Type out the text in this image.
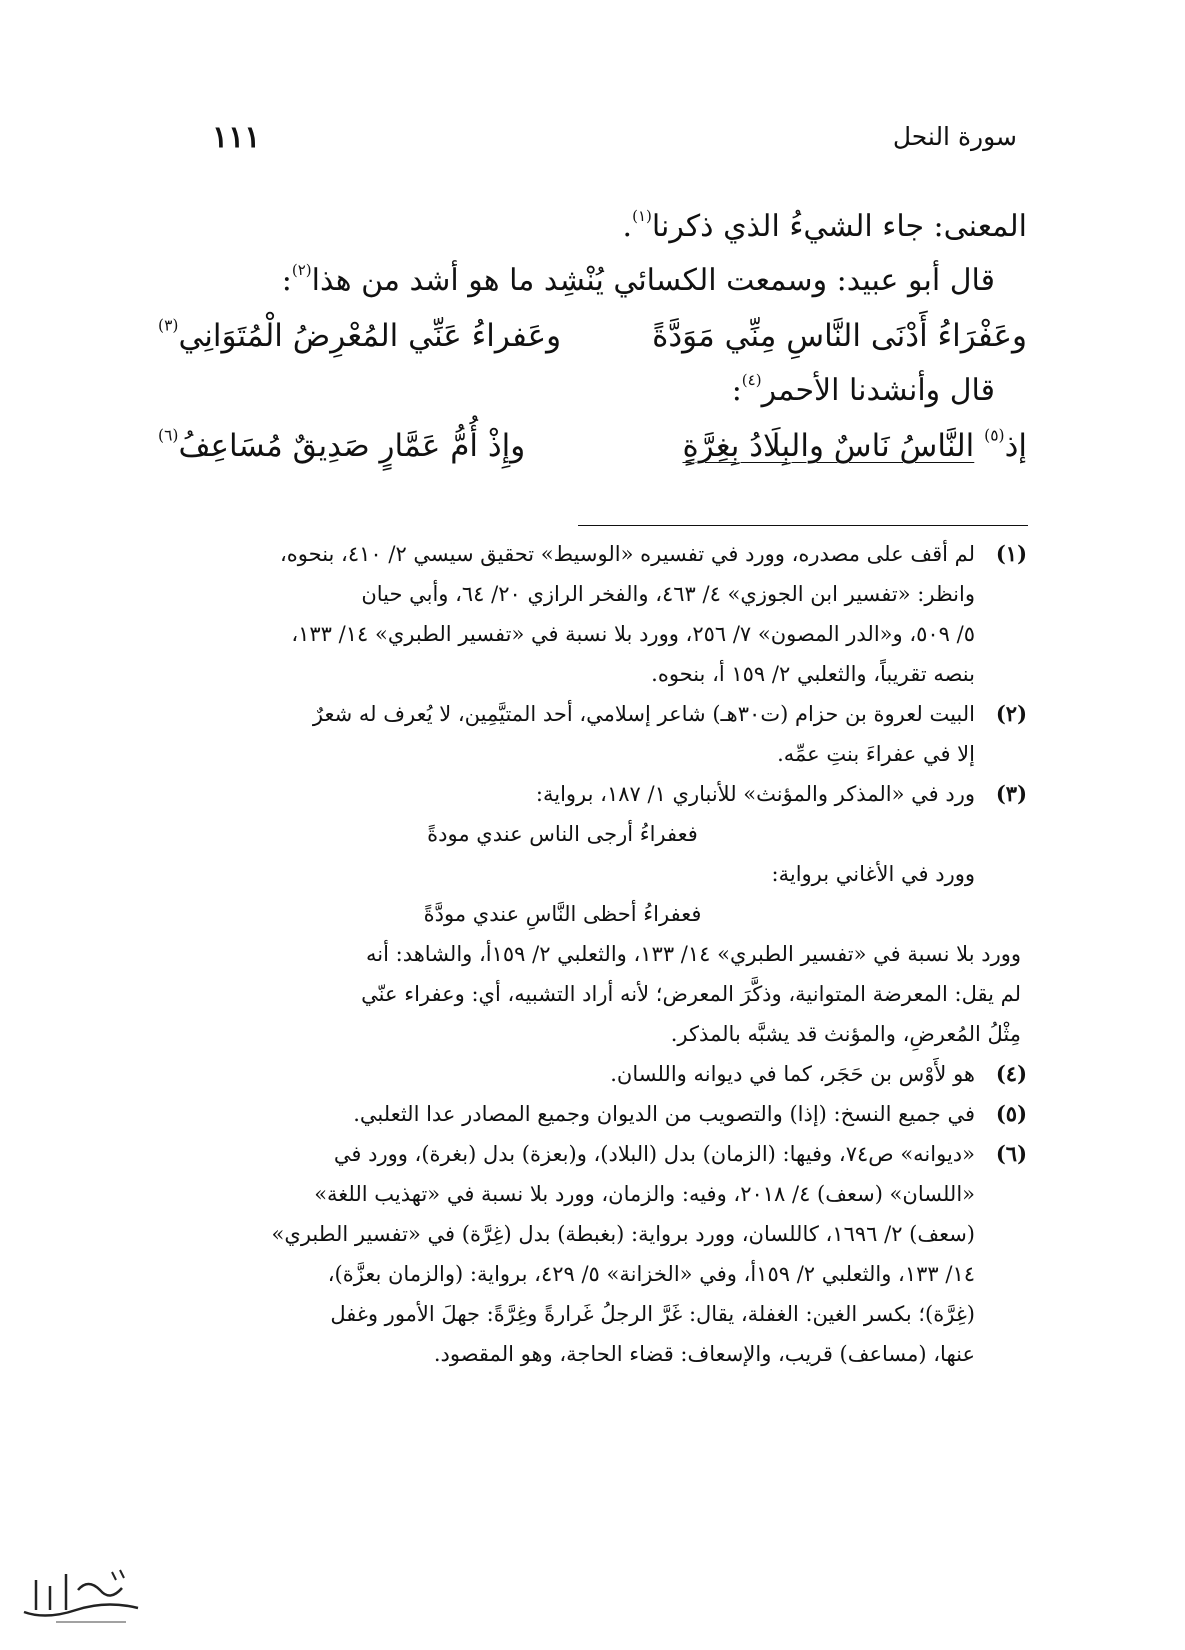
سورة النحل
١١١
المعنى: جاء الشيءُ الذي ذكرنا$^{(١)}$.
قال أبو عبيد: وسمعت الكسائي يُنْشِد ما هو أشد من هذا$^{(٢)}$:
وعَفْرَاءُ أَدْنَى النَّاسِ مِنِّي مَوَدَّةً
وعَفراءُ عَنِّي المُعْرِضُ الْمُتَوَانِي$^{(٣)}$
قال وأنشدنا الأحمر$^{(٤)}$:
إذ$^{(٥)}$ النَّاسُ نَاسٌ والبِلَادُ بِغِرَّةٍ
وإِذْ أُمُّ عَمَّارٍ صَدِيقٌ مُسَاعِفُ$^{(٦)}$
(١)لم أقف على مصدره، وورد في تفسيره «الوسيط» تحقيق سيسي ٢/ ٤١٠، بنحوه،
وانظر: «تفسير ابن الجوزي» ٤/ ٤٦٣، والفخر الرازي ٢٠/ ٦٤، وأبي حيان
٥/ ٥٠٩، و«الدر المصون» ٧/ ٢٥٦، وورد بلا نسبة في «تفسير الطبري» ١٤/ ١٣٣،
بنصه تقريباً، والثعلبي ٢/ ١٥٩ أ، بنحوه.
(٢)البيت لعروة بن حزام (ت٣٠هـ) شاعر إسلامي، أحد المتيَّمِين، لا يُعرف له شعرٌ
إلا في عفراءَ بنتِ عمِّه.
(٣)ورد في «المذكر والمؤنث» للأنباري ١/ ١٨٧، برواية:
فعفراءُ أرجى الناس عندي مودةً
وورد في الأغاني برواية:
فعفراءُ أحظى النَّاسِ عندي مودَّةً
وورد بلا نسبة في «تفسير الطبري» ١٤/ ١٣٣، والثعلبي ٢/ ١٥٩أ، والشاهد: أنه
لم يقل: المعرضة المتوانية، وذكَّرَ المعرض؛ لأنه أراد التشبيه، أي: وعفراء عنّي
مِثْلُ المُعرضِ، والمؤنث قد يشبَّه بالمذكر.
(٤)هو لأَوْس بن حَجَر، كما في ديوانه واللسان.
(٥)في جميع النسخ: (إذا) والتصويب من الديوان وجميع المصادر عدا الثعلبي.
(٦)«ديوانه» ص٧٤، وفيها: (الزمان) بدل (البلاد)، و(بعزة) بدل (بغرة)، وورد في
«اللسان» (سعف) ٤/ ٢٠١٨، وفيه: والزمان، وورد بلا نسبة في «تهذيب اللغة»
(سعف) ٢/ ١٦٩٦، كاللسان، وورد برواية: (بغبطة) بدل (غِرَّة) في «تفسير الطبري»
١٤/ ١٣٣، والثعلبي ٢/ ١٥٩أ، وفي «الخزانة» ٥/ ٤٢٩، برواية: (والزمان بعزَّة)،
(غِرَّة)؛ بكسر الغين: الغفلة، يقال: غَرَّ الرجلُ غَرارةً وغِرَّةً: جهلَ الأمور وغفل
عنها، (مساعف) قريب، والإسعاف: قضاء الحاجة، وهو المقصود.
